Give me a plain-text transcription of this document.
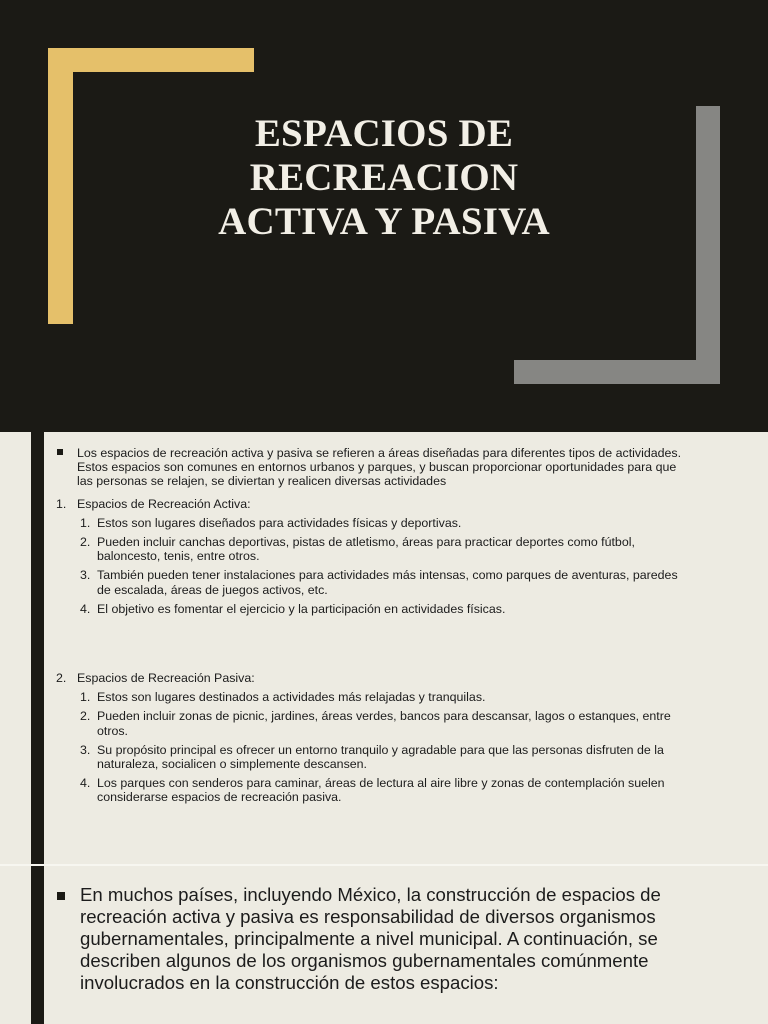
ESPACIOS DE
RECREACION
ACTIVA Y PASIVA
Los espacios de recreación activa y pasiva se refieren a áreas diseñadas para diferentes tipos de actividades.
Estos espacios son comunes en entornos urbanos y parques, y buscan proporcionar oportunidades para que
las personas se relajen, se diviertan y realicen diversas actividades
1. Espacios de Recreación Activa:
1. Estos son lugares diseñados para actividades físicas y deportivas.
2. Pueden incluir canchas deportivas, pistas de atletismo, áreas para practicar deportes como fútbol,
baloncesto, tenis, entre otros.
3. También pueden tener instalaciones para actividades más intensas, como parques de aventuras, paredes
de escalada, áreas de juegos activos, etc.
4. El objetivo es fomentar el ejercicio y la participación en actividades físicas.
2. Espacios de Recreación Pasiva:
1. Estos son lugares destinados a actividades más relajadas y tranquilas.
2. Pueden incluir zonas de picnic, jardines, áreas verdes, bancos para descansar, lagos o estanques, entre
otros.
3. Su propósito principal es ofrecer un entorno tranquilo y agradable para que las personas disfruten de la
naturaleza, socialicen o simplemente descansen.
4. Los parques con senderos para caminar, áreas de lectura al aire libre y zonas de contemplación suelen
considerarse espacios de recreación pasiva.
En muchos países, incluyendo México, la construcción de espacios de
recreación activa y pasiva es responsabilidad de diversos organismos
gubernamentales, principalmente a nivel municipal. A continuación, se
describen algunos de los organismos gubernamentales comúnmente
involucrados en la construcción de estos espacios:
